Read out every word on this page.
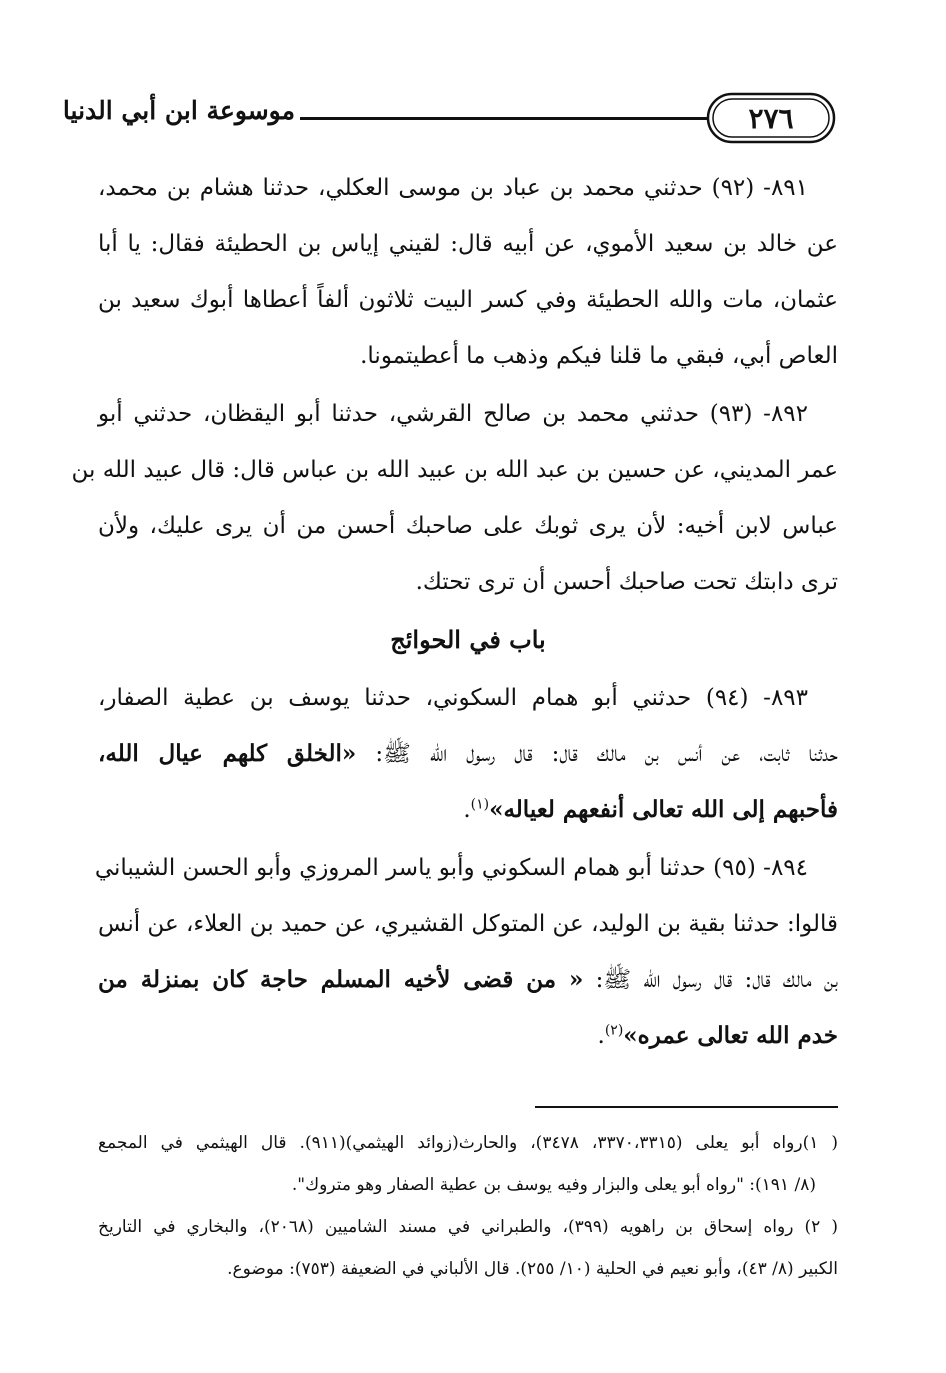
٢٧٦
موسوعة ابن أبي الدنيا
٨٩١- (٩٢) حدثني محمد بن عباد بن موسى العكلي، حدثنا هشام بن محمد،
عن خالد بن سعيد الأموي، عن أبيه قال: لقيني إياس بن الحطيئة فقال: يا أبا
عثمان، مات والله الحطيئة وفي كسر البيت ثلاثون ألفاً أعطاها أبوك سعيد بن
العاص أبي، فبقي ما قلنا فيكم وذهب ما أعطيتمونا.
٨٩٢- (٩٣) حدثني محمد بن صالح القرشي، حدثنا أبو اليقظان، حدثني أبو
عمر المديني، عن حسين بن عبد الله بن عبيد الله بن عباس قال: قال عبيد الله بن
عباس لابن أخيه: لأن يرى ثوبك على صاحبك أحسن من أن يرى عليك، ولأن
ترى دابتك تحت صاحبك أحسن أن ترى تحتك.
باب في الحوائج
٨٩٣- (٩٤) حدثني أبو همام السكوني، حدثنا يوسف بن عطية الصفار،
حدثنا ثابت، عن أنس بن مالك قال: قال رسول الله ﷺ: «الخلق كلهم عيال الله،
فأحبهم إلى الله تعالى أنفعهم لعياله»$^{(١)}$.
٨٩٤- (٩٥) حدثنا أبو همام السكوني وأبو ياسر المروزي وأبو الحسن الشيباني
قالوا: حدثنا بقية بن الوليد، عن المتوكل القشيري، عن حميد بن العلاء، عن أنس
بن مالك قال: قال رسول الله ﷺ: « من قضى لأخيه المسلم حاجة كان بمنزلة من
خدم الله تعالى عمره»$^{(٢)}$.
( ١)رواه أبو يعلى (٣٣٧٠،٣٣١٥، ٣٤٧٨)، والحارث(زوائد الهيثمي)(٩١١). قال الهيثمي في المجمع
(٨/ ١٩١): "رواه أبو يعلى والبزار وفيه يوسف بن عطية الصفار وهو متروك".
( ٢) رواه إسحاق بن راهويه (٣٩٩)، والطبراني في مسند الشاميين (٢٠٦٨)، والبخاري في التاريخ
الكبير (٨/ ٤٣)، وأبو نعيم في الحلية (١٠/ ٢٥٥). قال الألباني في الضعيفة (٧٥٣): موضوع.
